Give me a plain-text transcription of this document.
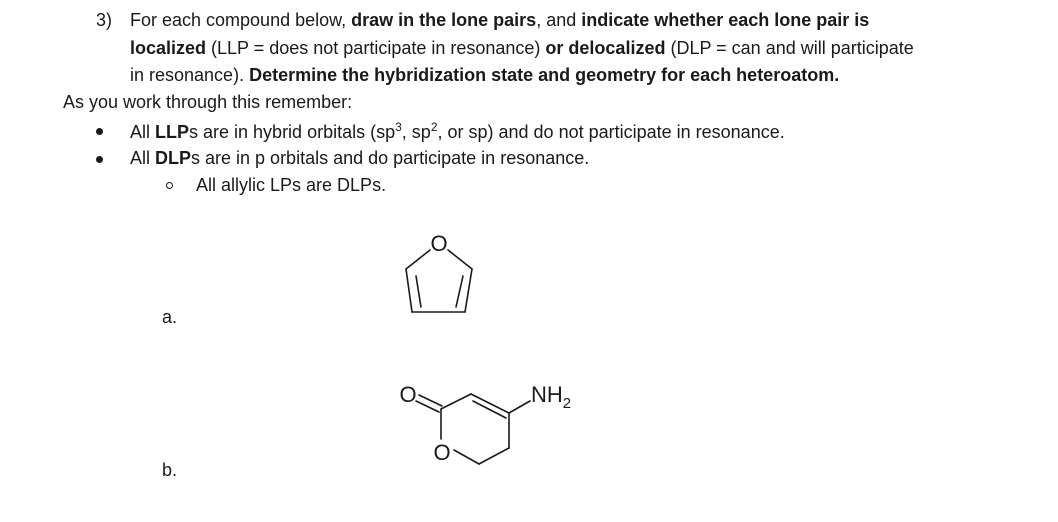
3) For each compound below, draw in the lone pairs, and indicate whether each lone pair is
localized (LLP = does not participate in resonance) or delocalized (DLP = can and will participate
in resonance). Determine the hybridization state and geometry for each heteroatom.
As you work through this remember:
All LLPs are in hybrid orbitals ($sp^3$, $sp^2$, or sp) and do not participate in resonance.
All DLPs are in p orbitals and do participate in resonance.
All allylic LPs are DLPs.
a.
b.
O
O
O
$NH_2$
